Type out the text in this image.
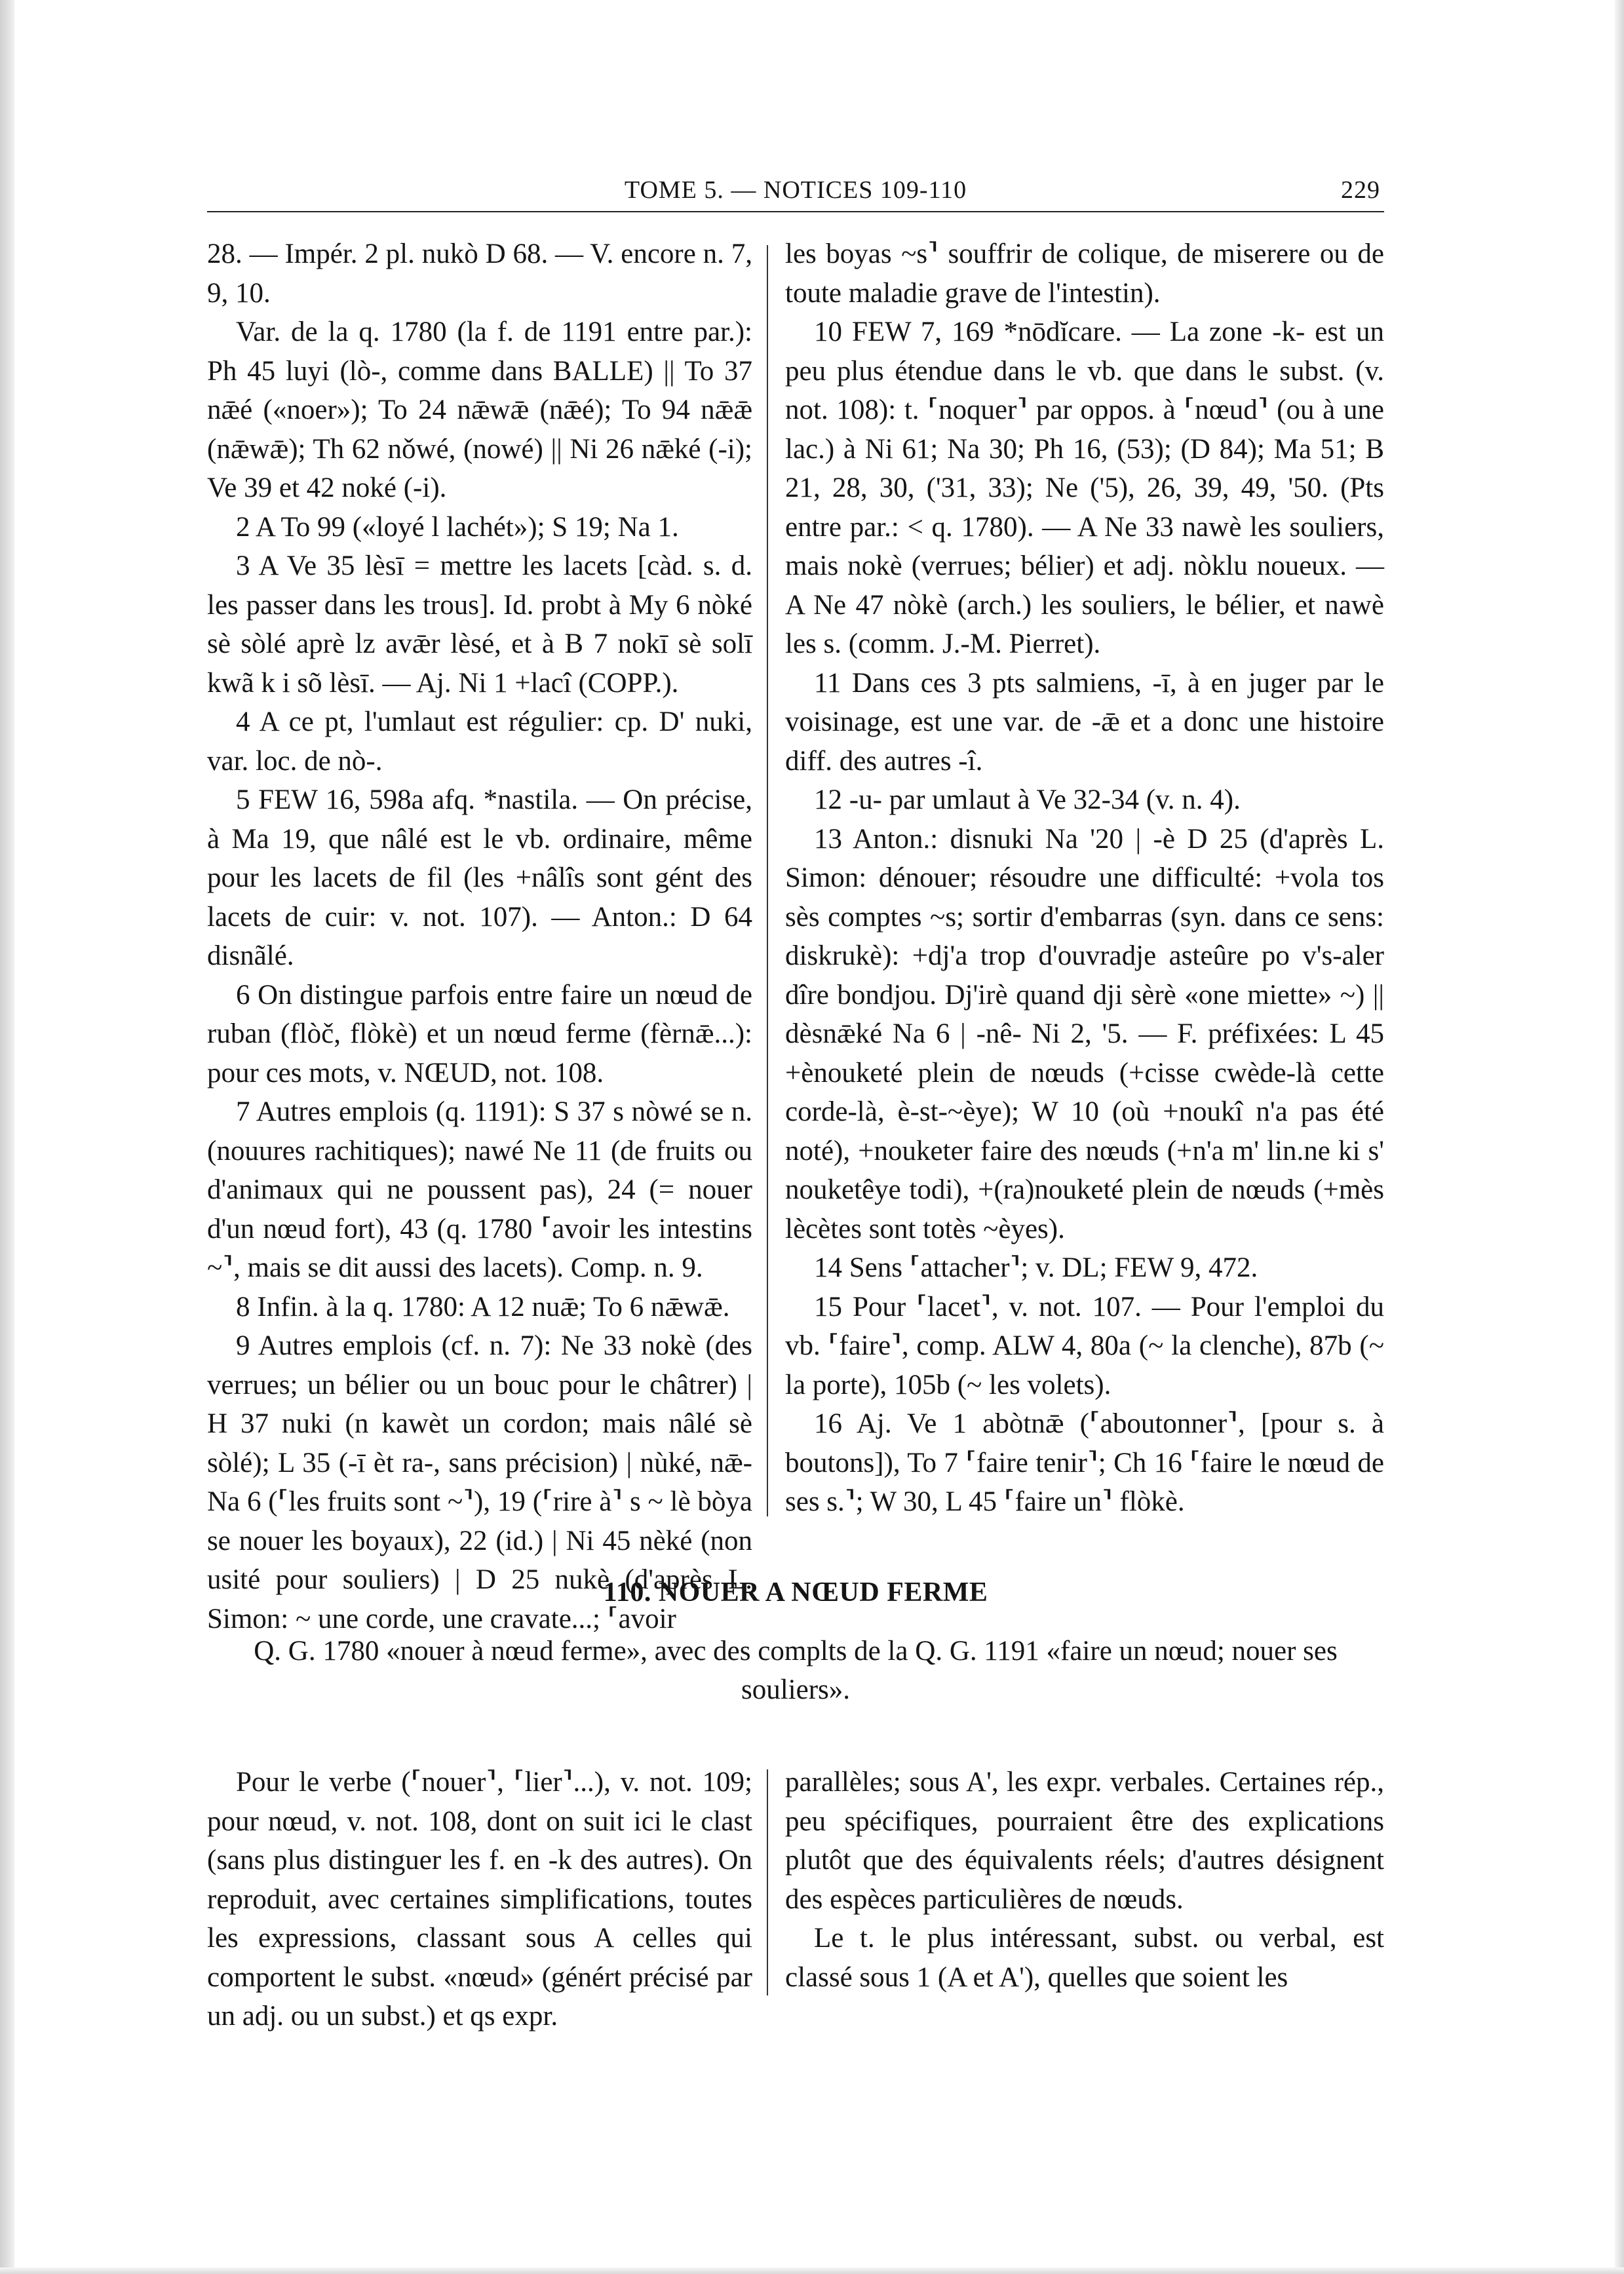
TOME 5. — NOTICES 109-110	229

28. — Impér. 2 pl. nukò D 68. — V. encore n. 7, 9, 10.

Var. de la q. 1780 (la f. de 1191 entre par.): Ph 45 luyi (lò-, comme dans BALLE) || To 37 nǣé («noer»); To 24 nǣwǣ (nǣé); To 94 nǣǣ (nǣwǣ); Th 62 nǒwé, (nowé) || Ni 26 nǣké (-i); Ve 39 et 42 noké (-i).

2 A To 99 («loyé l lachét»); S 19; Na 1.

3 A Ve 35 lèsī = mettre les lacets [càd. s. d. les passer dans les trous]. Id. probt à My 6 nòké sè sòlé aprè lz avǣr lèsé, et à B 7 nokī sè solī kwã k i sõ lèsī. — Aj. Ni 1 +lacî (COPP.).

4 A ce pt, l'umlaut est régulier: cp. D' nuki, var. loc. de nò-.

5 FEW 16, 598a afq. *nastila. — On précise, à Ma 19, que nâlé est le vb. ordinaire, même pour les lacets de fil (les +nâlîs sont gént des lacets de cuir: v. not. 107). — Anton.: D 64 disnãlé.

6 On distingue parfois entre faire un nœud de ruban (flòč, flòkè) et un nœud ferme (fèrnǣ...): pour ces mots, v. NŒUD, not. 108.

7 Autres emplois (q. 1191): S 37 s nòwé se n. (nouures rachitiques); nawé Ne 11 (de fruits ou d'animaux qui ne poussent pas), 24 (= nouer d'un nœud fort), 43 (q. 1780 ⸢avoir les intestins ~⸣, mais se dit aussi des lacets). Comp. n. 9.

8 Infin. à la q. 1780: A 12 nuǣ; To 6 nǣwǣ.

9 Autres emplois (cf. n. 7): Ne 33 nokè (des verrues; un bélier ou un bouc pour le châtrer) | H 37 nuki (n kawèt un cordon; mais nâlé sè sòlé); L 35 (-ī èt ra-, sans précision) | nùké, nǣ- Na 6 (⸢les fruits sont ~⸣), 19 (⸢rire à⸣ s ~ lè bòya se nouer les boyaux), 22 (id.) | Ni 45 nèké (non usité pour souliers) | D 25 nukè (d'après L. Simon: ~ une corde, une cravate...; ⸢avoir

les boyas ~s⸣ souffrir de colique, de miserere ou de toute maladie grave de l'intestin).

10 FEW 7, 169 *nōdĭcare. — La zone -k- est un peu plus étendue dans le vb. que dans le subst. (v. not. 108): t. ⸢noquer⸣ par oppos. à ⸢nœud⸣ (ou à une lac.) à Ni 61; Na 30; Ph 16, (53); (D 84); Ma 51; B 21, 28, 30, ('31, 33); Ne ('5), 26, 39, 49, '50. (Pts entre par.: < q. 1780). — A Ne 33 nawè les souliers, mais nokè (verrues; bélier) et adj. nòklu noueux. — A Ne 47 nòkè (arch.) les souliers, le bélier, et nawè les s. (comm. J.-M. Pierret).

11 Dans ces 3 pts salmiens, -ī, à en juger par le voisinage, est une var. de -ǣ et a donc une histoire diff. des autres -î.

12 -u- par umlaut à Ve 32-34 (v. n. 4).

13 Anton.: disnuki Na '20 | -è D 25 (d'après L. Simon: dénouer; résoudre une difficulté: +vola tos sès comptes ~s; sortir d'embarras (syn. dans ce sens: diskrukè): +dj'a trop d'ouvradje asteûre po v's-aler dîre bondjou. Dj'irè quand dji sèrè «one miette» ~) || dèsnǣké Na 6 | -nê- Ni 2, '5. — F. préfixées: L 45 +ènouketé plein de nœuds (+cisse cwède-là cette corde-là, è-st-~èye); W 10 (où +noukî n'a pas été noté), +nouketer faire des nœuds (+n'a m' lin.ne ki s' nouketêye todi), +(ra)nouketé plein de nœuds (+mès lècètes sont totès ~èyes).

14 Sens ⸢attacher⸣; v. DL; FEW 9, 472.

15 Pour ⸢lacet⸣, v. not. 107. — Pour l'emploi du vb. ⸢faire⸣, comp. ALW 4, 80a (~ la clenche), 87b (~ la porte), 105b (~ les volets).

16 Aj. Ve 1 abòtnǣ (⸢aboutonner⸣, [pour s. à boutons]), To 7 ⸢faire tenir⸣; Ch 16 ⸢faire le nœud de ses s.⸣; W 30, L 45 ⸢faire un⸣ flòkè.

110. NOUER A NŒUD FERME
Q. G. 1780 «nouer à nœud ferme», avec des complts de la Q. G. 1191 «faire un nœud; nouer ses souliers».

Pour le verbe (⸢nouer⸣, ⸢lier⸣...), v. not. 109; pour nœud, v. not. 108, dont on suit ici le clast (sans plus distinguer les f. en -k des autres). On reproduit, avec certaines simplifications, toutes les expressions, classant sous A celles qui comportent le subst. «nœud» (génért précisé par un adj. ou un subst.) et qs expr.

parallèles; sous A', les expr. verbales. Certaines rép., peu spécifiques, pourraient être des explications plutôt que des équivalents réels; d'autres désignent des espèces particulières de nœuds.

Le t. le plus intéressant, subst. ou verbal, est classé sous 1 (A et A'), quelles que soient les
